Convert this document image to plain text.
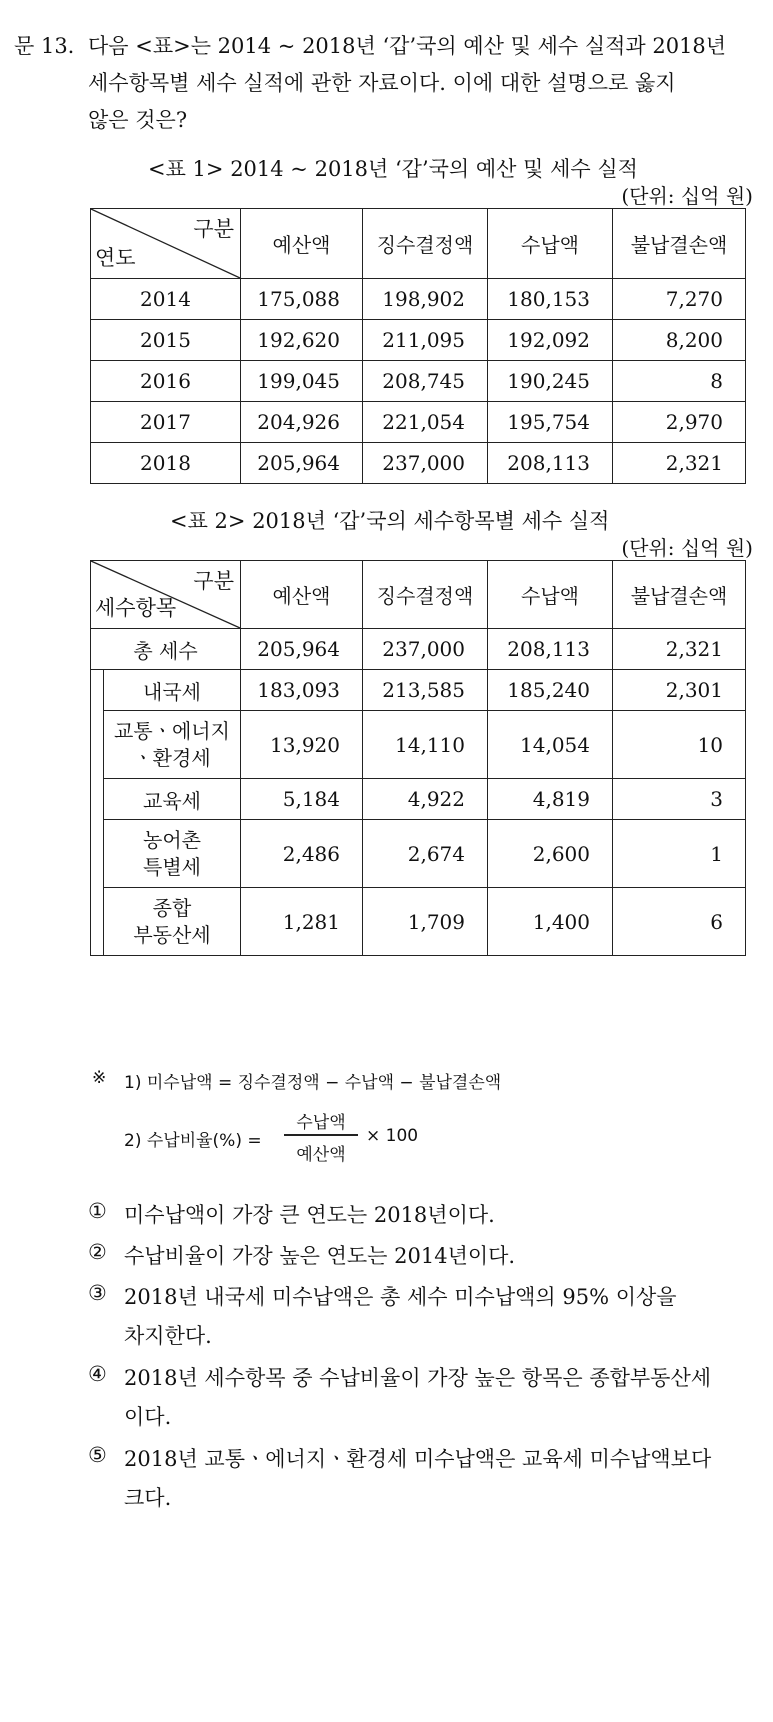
문 13. 다음 <표>는 2014 ~ 2018년 ‘갑’국의 예산 및 세수 실적과 2018년
세수항목별 세수 실적에 관한 자료이다. 이에 대한 설명으로 옳지
않은 것은?
<표 1> 2014 ~ 2018년 ‘갑’국의 예산 및 세수 실적
(단위: 십억 원)
구분
연도	예산액	징수결정액	수납액	불납결손액
2014	175,088	198,902	180,153	7,270
2015	192,620	211,095	192,092	8,200
2016	199,045	208,745	190,245	8
2017	204,926	221,054	195,754	2,970
2018	205,964	237,000	208,113	2,321
<표 2> 2018년 ‘갑’국의 세수항목별 세수 실적
(단위: 십억 원)
구분
세수항목		예산액	징수결정액	수납액	불납결손액
총 세수		205,964	237,000	208,113	2,321
	내국세	183,093	213,585	185,240	2,301
	교통ㆍ에너지
ㆍ환경세	13,920	14,110	14,054	10
	교육세	5,184	4,922	4,819	3
	농어촌
특별세	2,486	2,674	2,600	1
	종합
부동산세	1,281	1,709	1,400	6
※ 1) 미수납액 = 징수결정액 − 수납액 − 불납결손액
2) 수납비율(%) =
수납액
예산액
× 100
① 미수납액이 가장 큰 연도는 2018년이다.
② 수납비율이 가장 높은 연도는 2014년이다.
③ 2018년 내국세 미수납액은 총 세수 미수납액의 95% 이상을
차지한다.
④ 2018년 세수항목 중 수납비율이 가장 높은 항목은 종합부동산세
이다.
⑤ 2018년 교통ㆍ에너지ㆍ환경세 미수납액은 교육세 미수납액보다
크다.
